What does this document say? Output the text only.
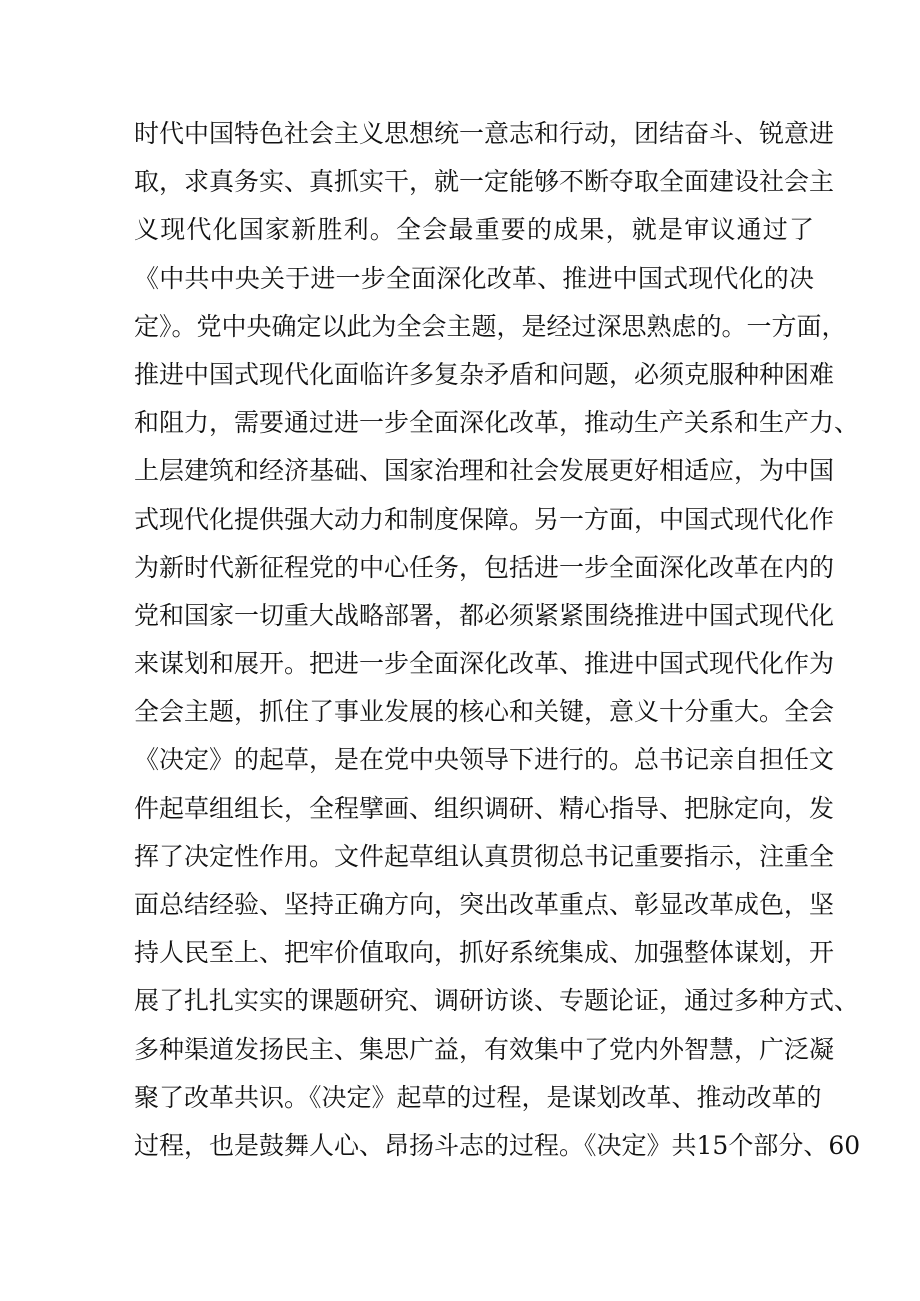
时代中国特色社会主义思想统一意志和行动，团结奋斗、锐意进
取，求真务实、真抓实干，就一定能够不断夺取全面建设社会主
义现代化国家新胜利。全会最重要的成果，就是审议通过了
《中共中央关于进一步全面深化改革、推进中国式现代化的决
定》。党中央确定以此为全会主题，是经过深思熟虑的。一方面，
推进中国式现代化面临许多复杂矛盾和问题，必须克服种种困难
和阻力，需要通过进一步全面深化改革，推动生产关系和生产力、
上层建筑和经济基础、国家治理和社会发展更好相适应，为中国
式现代化提供强大动力和制度保障。另一方面，中国式现代化作
为新时代新征程党的中心任务，包括进一步全面深化改革在内的
党和国家一切重大战略部署，都必须紧紧围绕推进中国式现代化
来谋划和展开。把进一步全面深化改革、推进中国式现代化作为
全会主题，抓住了事业发展的核心和关键，意义十分重大。全会
《决定》的起草，是在党中央领导下进行的。总书记亲自担任文
件起草组组长，全程擘画、组织调研、精心指导、把脉定向，发
挥了决定性作用。文件起草组认真贯彻总书记重要指示，注重全
面总结经验、坚持正确方向，突出改革重点、彰显改革成色，坚
持人民至上、把牢价值取向，抓好系统集成、加强整体谋划，开
展了扎扎实实的课题研究、调研访谈、专题论证，通过多种方式、
多种渠道发扬民主、集思广益，有效集中了党内外智慧，广泛凝
聚了改革共识。《决定》起草的过程，是谋划改革、推动改革的
过程，也是鼓舞人心、昂扬斗志的过程。《决定》共15个部分、60
